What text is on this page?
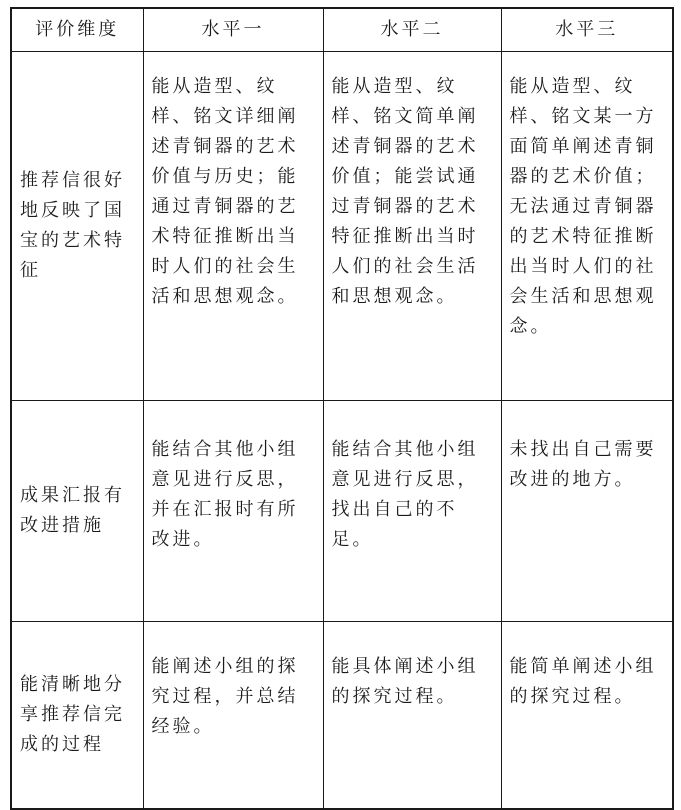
评价维度	水平一	水平二	水平三
推荐信很好地反映了国宝的艺术特征	能从造型、纹样、铭文详细阐述青铜器的艺术价值与历史；能通过青铜器的艺术特征推断出当时人们的社会生活和思想观念。	能从造型、纹样、铭文简单阐述青铜器的艺术价值；能尝试通过青铜器的艺术特征推断出当时人们的社会生活和思想观念。	能从造型、纹样、铭文某一方面简单阐述青铜器的艺术价值；无法通过青铜器的艺术特征推断出当时人们的社会生活和思想观念。
成果汇报有改进措施	能结合其他小组意见进行反思，并在汇报时有所改进。	能结合其他小组意见进行反思，找出自己的不足。	未找出自己需要改进的地方。
能清晰地分享推荐信完成的过程	能阐述小组的探究过程，并总结经验。	能具体阐述小组的探究过程。	能简单阐述小组的探究过程。
